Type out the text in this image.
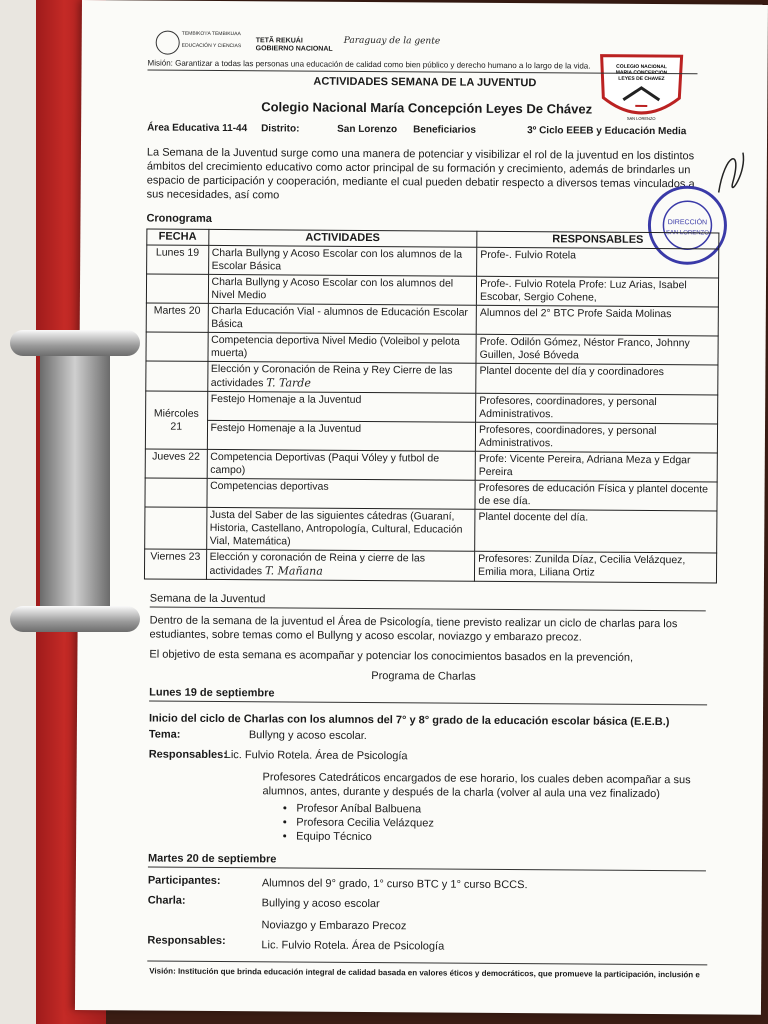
TEMBIKO'I'A TEMBIKUAA
EDUCACIÓN Y CIENCIAS
TETÃ REKUÁI
GOBIERNO NACIONAL
Paraguay de la gente
COLEGIO NACIONAL
LEYES DE CHAVEZ
SAN LORENZO
Misión: Garantizar a todas las personas una educación de calidad como bien público y derecho humano a lo largo de la vida.
ACTIVIDADES SEMANA DE LA JUVENTUD
Colegio Nacional María Concepción Leyes De Chávez
Área Educativa 11-44 Distrito:	San Lorenzo Beneficiarios	3º Ciclo EEEB y Educación Media
La Semana de la Juventud surge como una manera de potenciar y visibilizar el rol de la juventud en los distintos
ámbitos del crecimiento educativo como actor principal de su formación y crecimiento, además de brindarles un
espacio de participación y cooperación, mediante el cual pueden debatir respecto a diversos temas vinculados a
sus necesidades, así como
DIRECCIÓN
SAN LORENZO
Cronograma
FECHA	ACTIVIDADES	RESPONSABLES
Lunes 19	Charla Bullyng y Acoso Escolar con los alumnos de la Escolar Básica	Profe-. Fulvio Rotela
	Charla Bullyng y Acoso Escolar con los alumnos del Nivel Medio	Profe-. Fulvio Rotela Profe: Luz Arias, Isabel Escobar, Sergio Cohene,
Martes 20	Charla Educación Vial - alumnos de Educación Escolar Básica	Alumnos del 2° BTC Profe Saida Molinas
	Competencia deportiva Nivel Medio (Voleibol y pelota muerta)	Profe. Odilón Gómez, Néstor Franco, Johnny Guillen, José Bóveda
	Elección y Coronación de Reina y Rey Cierre de las actividades T. Tarde	Plantel docente del día y coordinadores
Miércoles 21	Festejo Homenaje a la Juventud	Profesores, coordinadores, y personal Administrativos.
	Festejo Homenaje a la Juventud	Profesores, coordinadores, y personal Administrativos.
Jueves 22	Competencia Deportivas (Paqui Vóley y futbol de campo)	Profe: Vicente Pereira, Adriana Meza y Edgar Pereira
	Competencias deportivas	Profesores de educación Física y plantel docente de ese día.
	Justa del Saber de las siguientes cátedras (Guaraní, Historia, Castellano, Antropología, Cultural, Educación Vial, Matemática)	Plantel docente del día.
Viernes 23	Elección y coronación de Reina y cierre de las actividades T. Mañana	Profesores: Zunilda Díaz, Cecilia Velázquez, Emilia mora, Liliana Ortiz
Semana de la Juventud
Dentro de la semana de la juventud el Área de Psicología, tiene previsto realizar un ciclo de charlas para los
estudiantes, sobre temas como el Bullyng y acoso escolar, noviazgo y embarazo precoz.
El objetivo de esta semana es acompañar y potenciar los conocimientos basados en la prevención,
Programa de Charlas
Lunes 19 de septiembre
Inicio del ciclo de Charlas con los alumnos del 7° y 8° grado de la educación escolar básica (E.E.B.)
Tema:	Bullyng y acoso escolar.
Responsables:
Lic. Fulvio Rotela. Área de Psicología
Profesores Catedráticos encargados de ese horario, los cuales deben acompañar a sus
alumnos, antes, durante y después de la charla (volver al aula una vez finalizado)
• Profesor Aníbal Balbuena
• Profesora Cecilia Velázquez
• Equipo Técnico
Martes 20 de septiembre
Participantes:	Alumnos del 9° grado, 1° curso BTC y 1° curso BCCS.
Charla:	Bullying y acoso escolar
Noviazgo y Embarazo Precoz
Responsables:	Lic. Fulvio Rotela. Área de Psicología
Visión: Institución que brinda educación integral de calidad basada en valores éticos y democráticos, que promueve la participación, inclusión e
